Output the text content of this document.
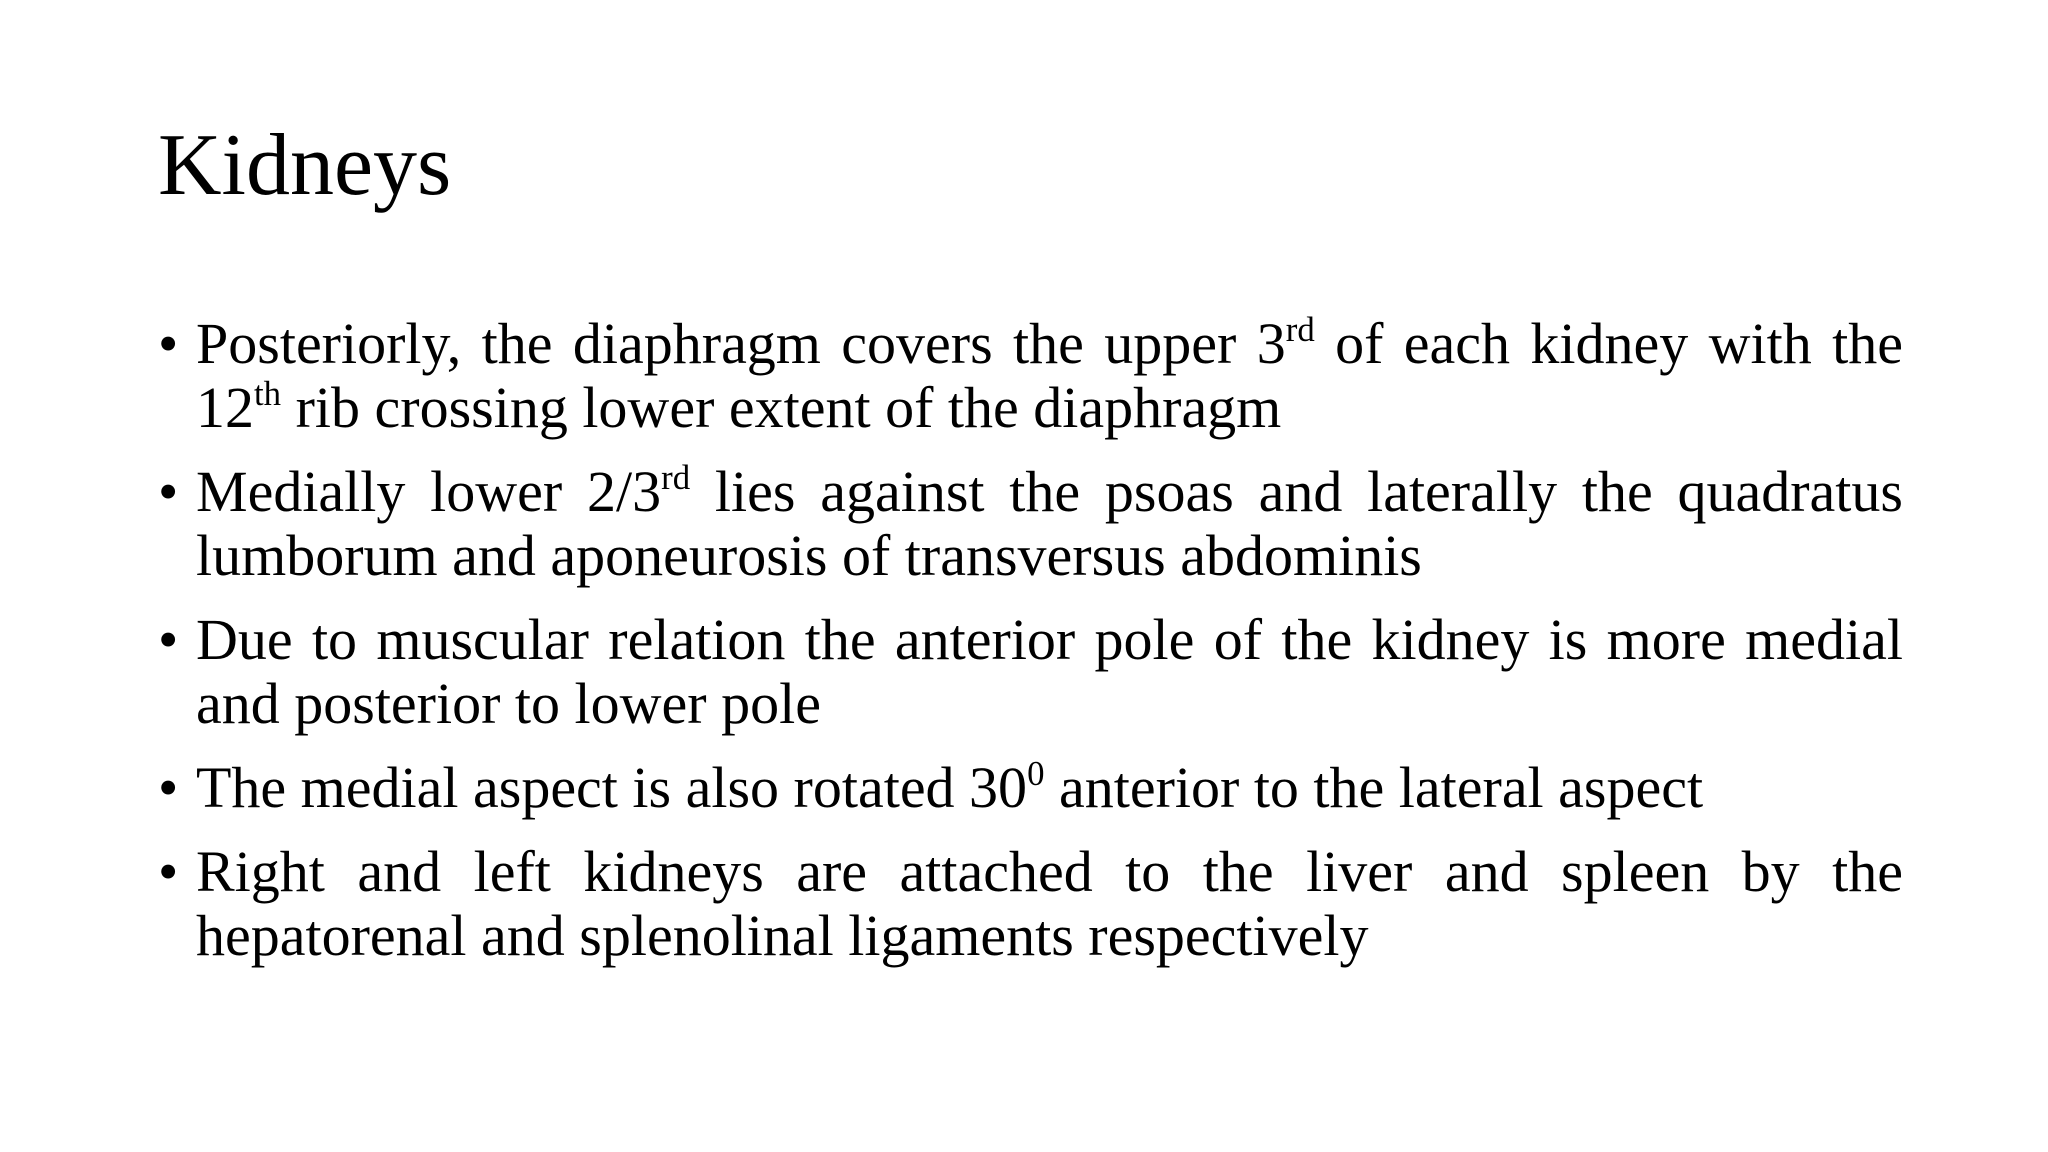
Kidneys
• Posteriorly, the diaphragm covers the upper 3rd of each kidney with the 12th rib crossing lower extent of the diaphragm
• Medially lower 2/3rd lies against the psoas and laterally the quadratus lumborum and aponeurosis of transversus abdominis
• Due to muscular relation the anterior pole of the kidney is more medial and posterior to lower pole
• The medial aspect is also rotated $30^0$ anterior to the lateral aspect
• Right and left kidneys are attached to the liver and spleen by the hepatorenal and splenolinal ligaments respectively
